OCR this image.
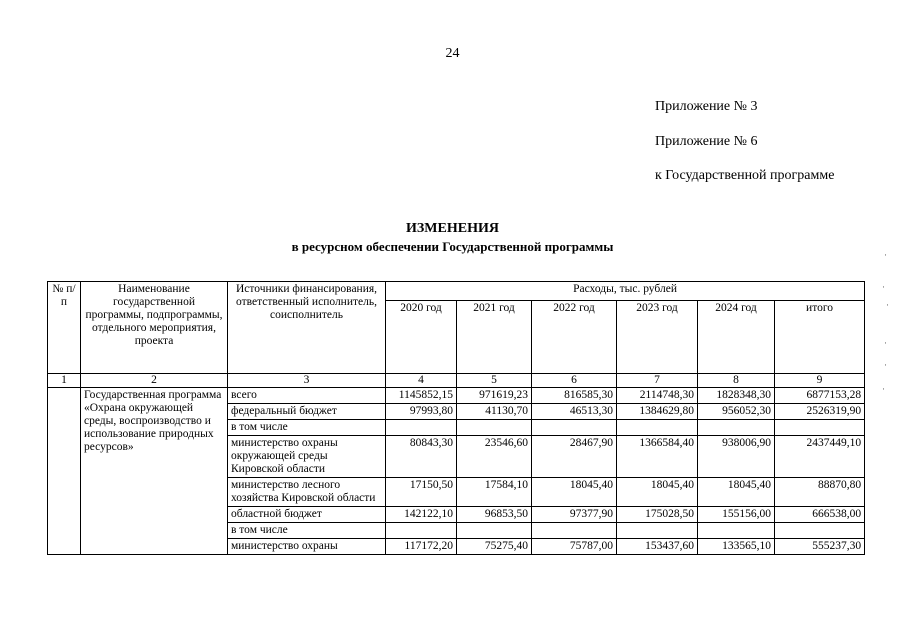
24
Приложение № 3
Приложение № 6
к Государственной программе
ИЗМЕНЕНИЯ
в ресурсном обеспечении Государственной программы
№ п/п	Наименование государственной программы, подпрограммы, отдельного мероприятия, проекта	Источники финансирования, ответственный исполнитель, соисполнитель	Расходы, тыс. рублей					
			2020 год	2021 год	2022 год	2023 год	2024 год	итого
1	2	3	4	5	6	7	8	9
	Государственная программа «Охрана окружающей среды, воспроизводство и использование природных ресурсов»	всего	1145852,15	971619,23	816585,30	2114748,30	1828348,30	6877153,28
		федеральный бюджет	97993,80	41130,70	46513,30	1384629,80	956052,30	2526319,90
		в том числе						
		министерство охраны окружающей среды Кировской области	80843,30	23546,60	28467,90	1366584,40	938006,90	2437449,10
		министерство лесного хозяйства Кировской области	17150,50	17584,10	18045,40	18045,40	18045,40	88870,80
		областной бюджет	142122,10	96853,50	97377,90	175028,50	155156,00	666538,00
		в том числе						
		министерство охраны	117172,20	75275,40	75787,00	153437,60	133565,10	555237,30
·
·
·
·
·
·
